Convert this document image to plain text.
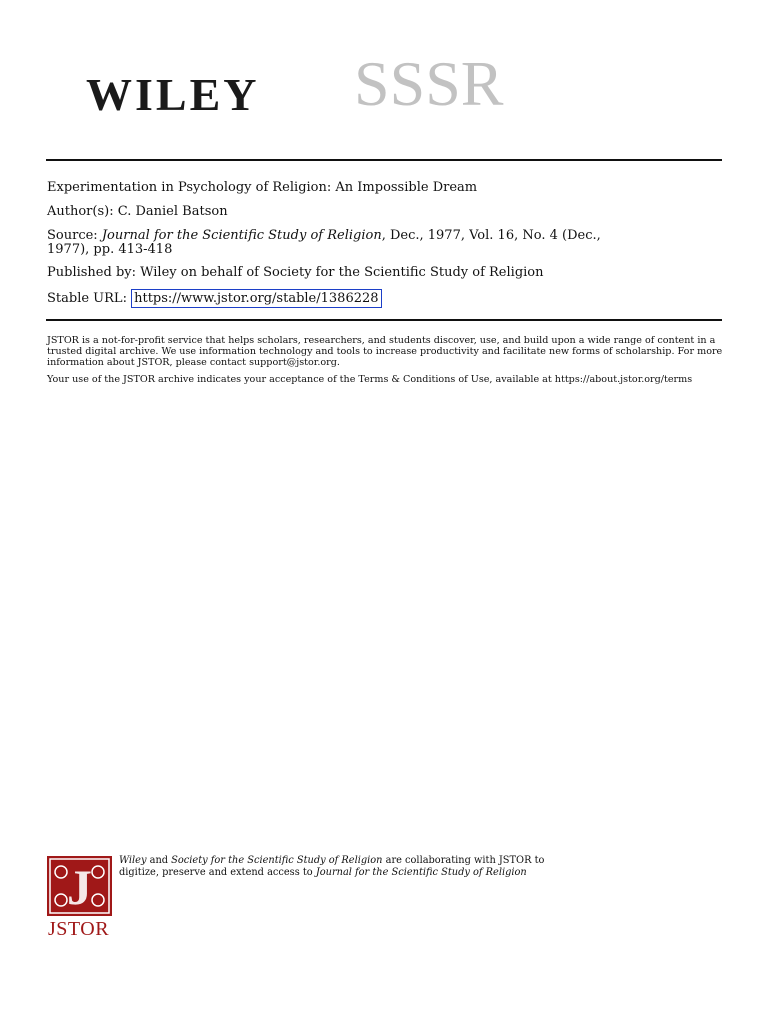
WILEY SSSR
Experimentation in Psychology of Religion: An Impossible Dream
Author(s): C. Daniel Batson
Source: Journal for the Scientific Study of Religion, Dec., 1977, Vol. 16, No. 4 (Dec.,
1977), pp. 413-418
Published by: Wiley on behalf of Society for the Scientific Study of Religion
Stable URL: https://www.jstor.org/stable/1386228

JSTOR is a not-for-profit service that helps scholars, researchers, and students discover, use, and build upon a wide range of content in a trusted digital archive. We use information technology and tools to increase productivity and facilitate new forms of scholarship. For more information about JSTOR, please contact support@jstor.org.

Your use of the JSTOR archive indicates your acceptance of the Terms & Conditions of Use, available at https://about.jstor.org/terms

J
JSTOR
Wiley and Society for the Scientific Study of Religion are collaborating with JSTOR to
digitize, preserve and extend access to Journal for the Scientific Study of Religion
